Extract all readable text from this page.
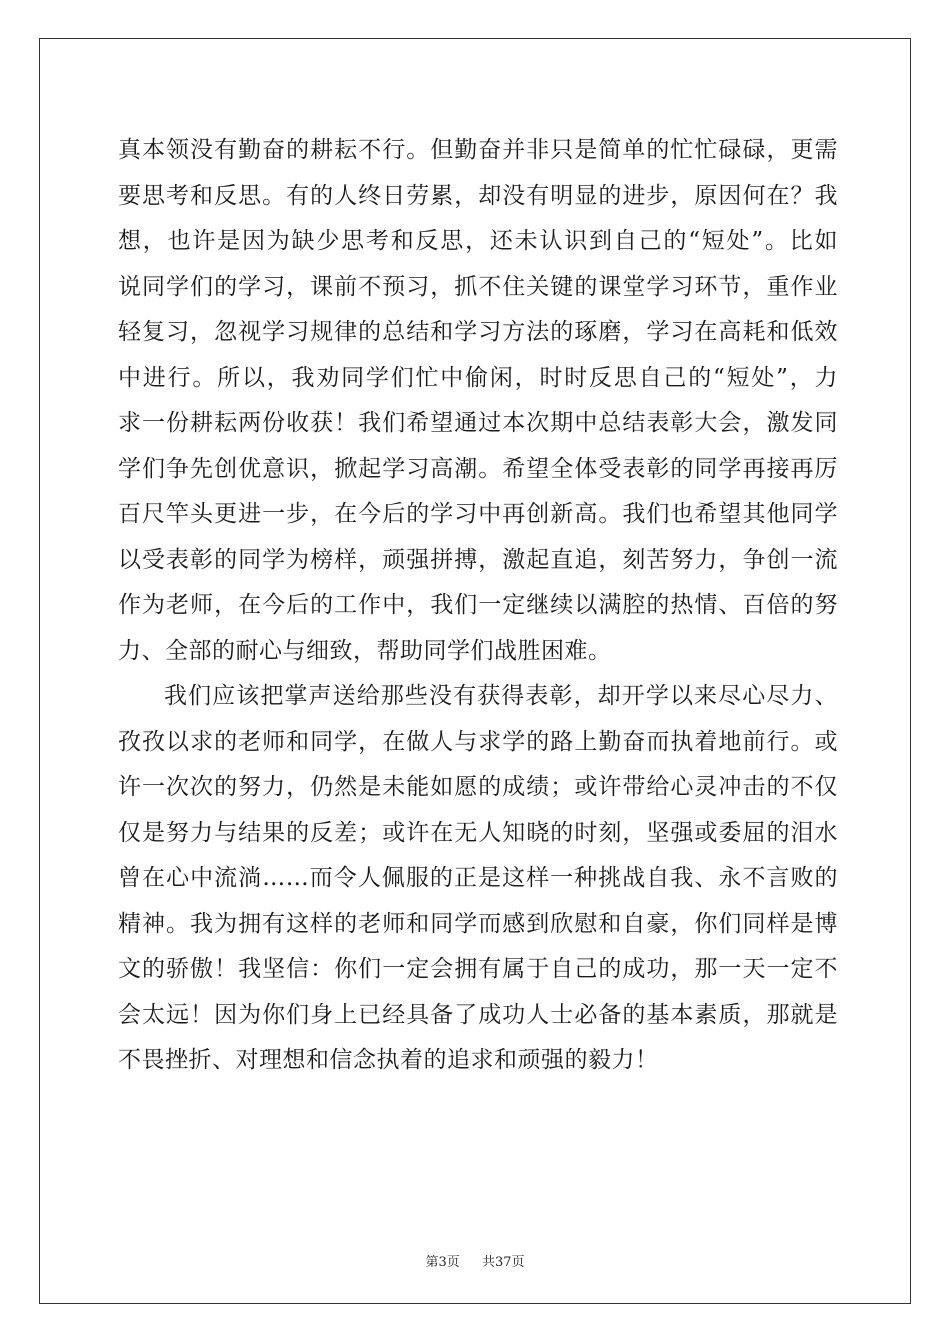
真本领没有勤奋的耕耘不行。但勤奋并非只是简单的忙忙碌碌，更需
要思考和反思。有的人终日劳累，却没有明显的进步，原因何在？我
想，也许是因为缺少思考和反思，还未认识到自己的“短处”。比如
说同学们的学习，课前不预习，抓不住关键的课堂学习环节，重作业
轻复习，忽视学习规律的总结和学习方法的琢磨，学习在高耗和低效
中进行。所以，我劝同学们忙中偷闲，时时反思自己的“短处”，力
求一份耕耘两份收获！我们希望通过本次期中总结表彰大会，激发同
学们争先创优意识，掀起学习高潮。希望全体受表彰的同学再接再厉
百尺竿头更进一步，在今后的学习中再创新高。我们也希望其他同学
以受表彰的同学为榜样，顽强拼搏，激起直追，刻苦努力，争创一流
作为老师，在今后的工作中，我们一定继续以满腔的热情、百倍的努
力、全部的耐心与细致，帮助同学们战胜困难。
我们应该把掌声送给那些没有获得表彰，却开学以来尽心尽力、
孜孜以求的老师和同学，在做人与求学的路上勤奋而执着地前行。或
许一次次的努力，仍然是未能如愿的成绩；或许带给心灵冲击的不仅
仅是努力与结果的反差；或许在无人知晓的时刻，坚强或委屈的泪水
曾在心中流淌……而令人佩服的正是这样一种挑战自我、永不言败的
精神。我为拥有这样的老师和同学而感到欣慰和自豪，你们同样是博
文的骄傲！我坚信：你们一定会拥有属于自己的成功，那一天一定不
会太远！因为你们身上已经具备了成功人士必备的基本素质，那就是
不畏挫折、对理想和信念执着的追求和顽强的毅力！
第3页 共37页
